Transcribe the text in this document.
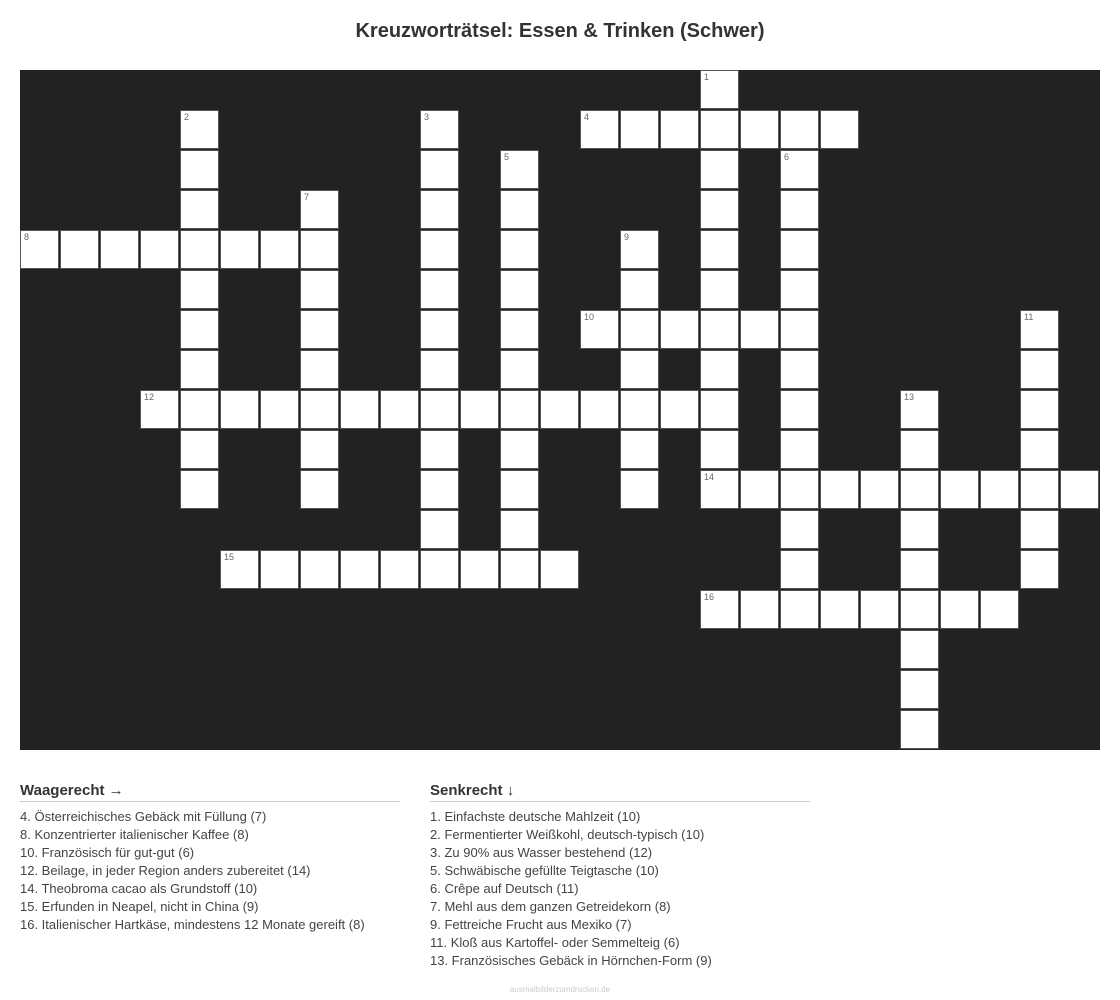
Kreuzworträtsel: Essen & Trinken (Schwer)
1
2	3	4
5	6
7
8	9
10	11
12	13
14
15
16
Waagerecht →
4. Österreichisches Gebäck mit Füllung (7)
8. Konzentrierter italienischer Kaffee (8)
10. Französisch für gut-gut (6)
12. Beilage, in jeder Region anders zubereitet (14)
14. Theobroma cacao als Grundstoff (10)
15. Erfunden in Neapel, nicht in China (9)
16. Italienischer Hartkäse, mindestens 12 Monate gereift (8)
Senkrecht ↓
1. Einfachste deutsche Mahlzeit (10)
2. Fermentierter Weißkohl, deutsch-typisch (10)
3. Zu 90% aus Wasser bestehend (12)
5. Schwäbische gefüllte Teigtasche (10)
6. Crêpe auf Deutsch (11)
7. Mehl aus dem ganzen Getreidekorn (8)
9. Fettreiche Frucht aus Mexiko (7)
11. Kloß aus Kartoffel- oder Semmelteig (6)
13. Französisches Gebäck in Hörnchen-Form (9)
ausmalbilderzumdrucken.de
